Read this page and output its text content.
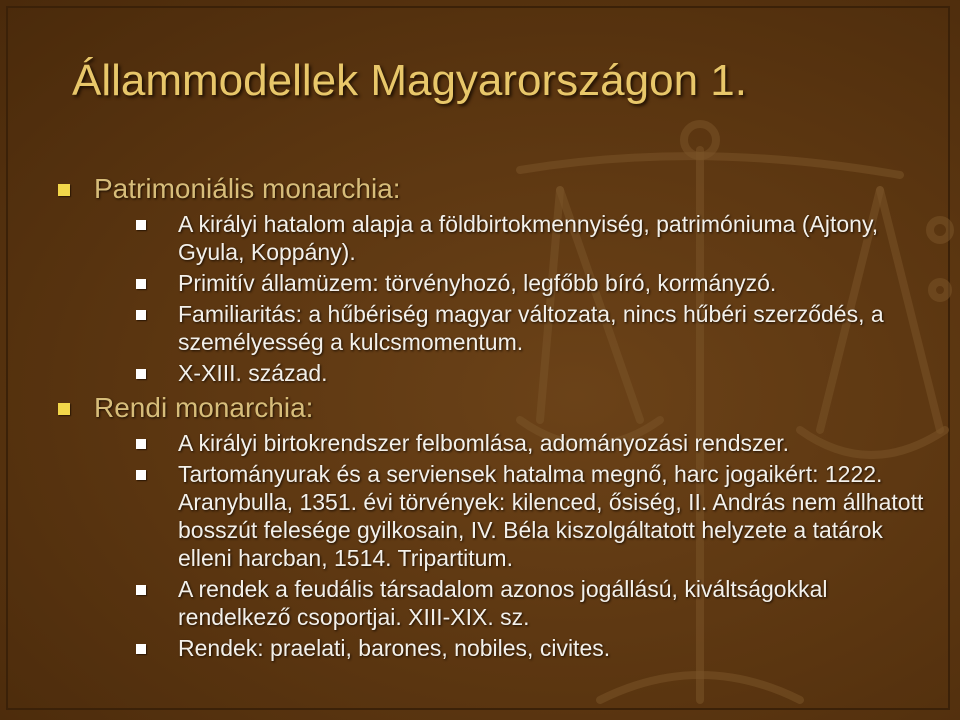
Állammodellek Magyarországon 1.
Patrimoniális monarchia:
A királyi hatalom alapja a földbirtokmennyiség, patrimóniuma (Ajtony, Gyula, Koppány).
Primitív államüzem: törvényhozó, legfőbb bíró, kormányzó.
Familiaritás: a hűbériség magyar változata, nincs hűbéri szerződés, a személyesség a kulcsmomentum.
X-XIII. század.
Rendi monarchia:
A királyi birtokrendszer felbomlása, adományozási rendszer.
Tartományurak és a serviensek hatalma megnő, harc jogaikért: 1222. Aranybulla, 1351. évi törvények: kilenced, ősiség, II. András nem állhatott bosszút felesége gyilkosain, IV. Béla kiszolgáltatott helyzete a tatárok elleni harcban, 1514. Tripartitum.
A rendek a feudális társadalom azonos jogállású, kiváltságokkal rendelkező csoportjai. XIII-XIX. sz.
Rendek: praelati, barones, nobiles, civites.
